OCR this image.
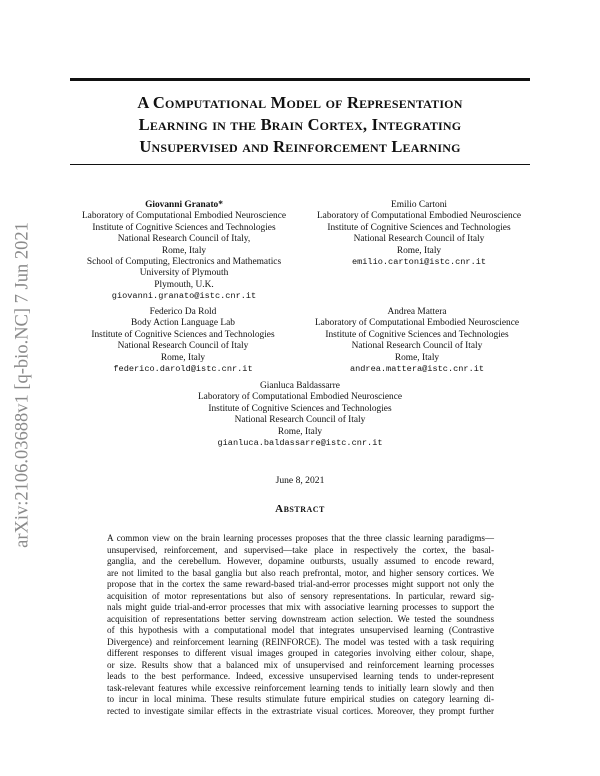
A Computational Model of Representation
Learning in the Brain Cortex, Integrating
Unsupervised and Reinforcement Learning
arXiv:2106.03688v1 [q-bio.NC] 7 Jun 2021
Giovanni Granato*
Laboratory of Computational Embodied Neuroscience
Institute of Cognitive Sciences and Technologies
National Research Council of Italy,
Rome, Italy
School of Computing, Electronics and Mathematics
University of Plymouth
Plymouth, U.K.
giovanni.granato@istc.cnr.it
Emilio Cartoni
Laboratory of Computational Embodied Neuroscience
Institute of Cognitive Sciences and Technologies
National Research Council of Italy
Rome, Italy
emilio.cartoni@istc.cnr.it
Federico Da Rold
Body Action Language Lab
Institute of Cognitive Sciences and Technologies
National Research Council of Italy
Rome, Italy
federico.darold@istc.cnr.it
Andrea Mattera
Laboratory of Computational Embodied Neuroscience
Institute of Cognitive Sciences and Technologies
National Research Council of Italy
Rome, Italy
andrea.mattera@istc.cnr.it
Gianluca Baldassarre
Laboratory of Computational Embodied Neuroscience
Institute of Cognitive Sciences and Technologies
National Research Council of Italy
Rome, Italy
gianluca.baldassarre@istc.cnr.it
June 8, 2021
Abstract
A common view on the brain learning processes proposes that the three classic learning paradigms—
unsupervised, reinforcement, and supervised—take place in respectively the cortex, the basal-
ganglia, and the cerebellum. However, dopamine outbursts, usually assumed to encode reward,
are not limited to the basal ganglia but also reach prefrontal, motor, and higher sensory cortices. We
propose that in the cortex the same reward-based trial-and-error processes might support not only the
acquisition of motor representations but also of sensory representations. In particular, reward sig-
nals might guide trial-and-error processes that mix with associative learning processes to support the
acquisition of representations better serving downstream action selection. We tested the soundness
of this hypothesis with a computational model that integrates unsupervised learning (Contrastive
Divergence) and reinforcement learning (REINFORCE). The model was tested with a task requiring
different responses to different visual images grouped in categories involving either colour, shape,
or size. Results show that a balanced mix of unsupervised and reinforcement learning processes
leads to the best performance. Indeed, excessive unsupervised learning tends to under-represent
task-relevant features while excessive reinforcement learning tends to initially learn slowly and then
to incur in local minima. These results stimulate future empirical studies on category learning di-
rected to investigate similar effects in the extrastriate visual cortices. Moreover, they prompt further
